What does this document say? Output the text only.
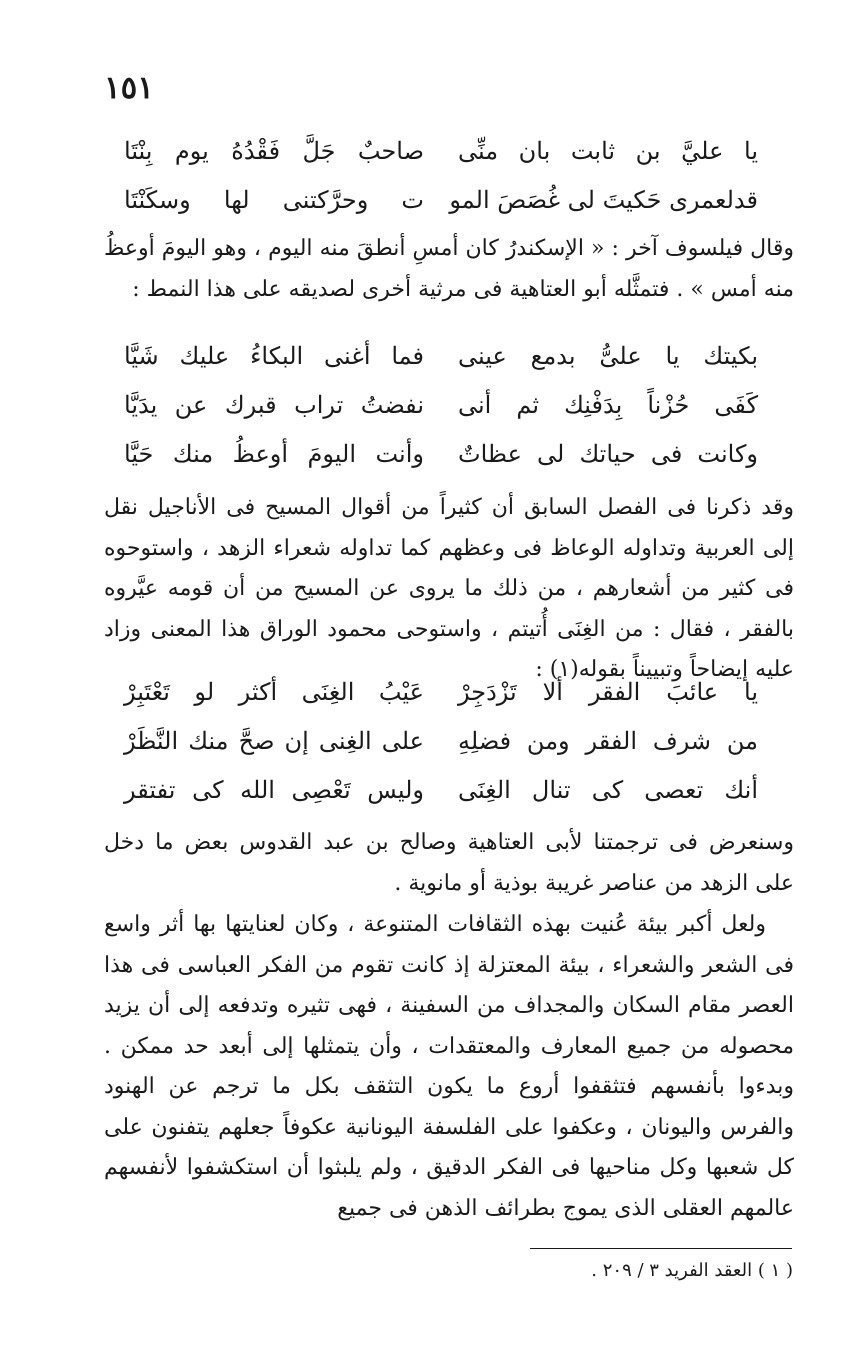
١٥١
يا عليَّ بن ثابت بان منِّى
صاحبٌ جَلَّ فَقْدُهُ يوم بِنْتَا
قدلعمرى حَكيتَ لى غُصَصَ المو
ت وحرَّكتنى لها وسكَنْتَا

وقال فيلسوف آخر : « الإسكندرُ كان أمسِ أنطقَ منه اليوم ، وهو اليومَ أوعظُ منه أمس » . فتمثَّله أبو العتاهية فى مرثية أخرى لصديقه على هذا النمط :

بكيتك يا علىُّ بدمع عينى
فما أغنى البكاءُ عليك شَيَّا
كَفَى حُزْناً بِدَفْنِك ثم أنى
نفضتُ تراب قبرك عن يدَيَّا
وكانت فى حياتك لى عظاتٌ
وأنت اليومَ أوعظُ منك حَيَّا

وقد ذكرنا فى الفصل السابق أن كثيراً من أقوال المسيح فى الأناجيل نقل إلى العربية وتداوله الوعاظ فى وعظهم كما تداوله شعراء الزهد ، واستوحوه فى كثير من أشعارهم ، من ذلك ما يروى عن المسيح من أن قومه عيَّروه بالفقر ، فقال : من الغِنَى أُتيتم ، واستوحى محمود الوراق هذا المعنى وزاد عليه إيضاحاً وتبييناً بقوله(١) :

يا عائبَ الفقر ألا تَزْدَجِرْ
عَيْبُ الغِنَى أكثر لو تَعْتَبِرْ
من شرف الفقر ومن فضلِهِ
على الغِنى إن صحَّ منك النَّظَرْ
أنك تعصى كى تنال الغِنَى
وليس تَعْصِى الله كى تفتقر

وسنعرض فى ترجمتنا لأبى العتاهية وصالح بن عبد القدوس بعض ما دخل على الزهد من عناصر غريبة بوذية أو مانوية .

ولعل أكبر بيئة عُنيت بهذه الثقافات المتنوعة ، وكان لعنايتها بها أثر واسع فى الشعر والشعراء ، بيئة المعتزلة إذ كانت تقوم من الفكر العباسى فى هذا العصر مقام السكان والمجداف من السفينة ، فهى تثيره وتدفعه إلى أن يزيد محصوله من جميع المعارف والمعتقدات ، وأن يتمثلها إلى أبعد حد ممكن . وبدءوا بأنفسهم فتثقفوا أروع ما يكون التثقف بكل ما ترجم عن الهنود والفرس واليونان ، وعكفوا على الفلسفة اليونانية عكوفاً جعلهم يتفنون على كل شعبها وكل مناحيها فى الفكر الدقيق ، ولم يلبثوا أن استكشفوا لأنفسهم عالمهم العقلى الذى يموج بطرائف الذهن فى جميع

( ١ ) العقد الفريد ٣ / ٢٠٩ .
